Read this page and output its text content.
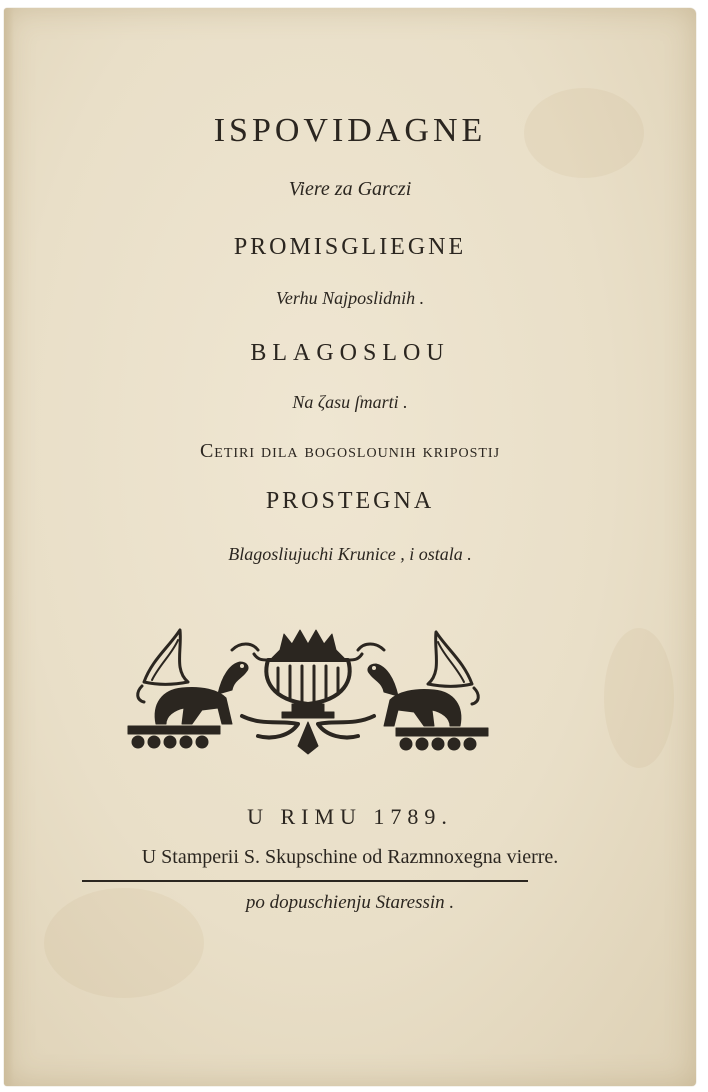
ISPOVIDAGNE
Viere za Garczi
PROMISGLIEGNE
Verhu Najposlidnih .
BLAGOSLOU
Na ζasu ſmarti .
Cetiri dila bogoslounih kripostij
PROSTEGNA
Blagosliujuchi Krunice , i ostala .
U RIMU 1789.
U Stamperii S. Skupschine od Razmnoxegna vierre.
po dopuschienju Staressin .
